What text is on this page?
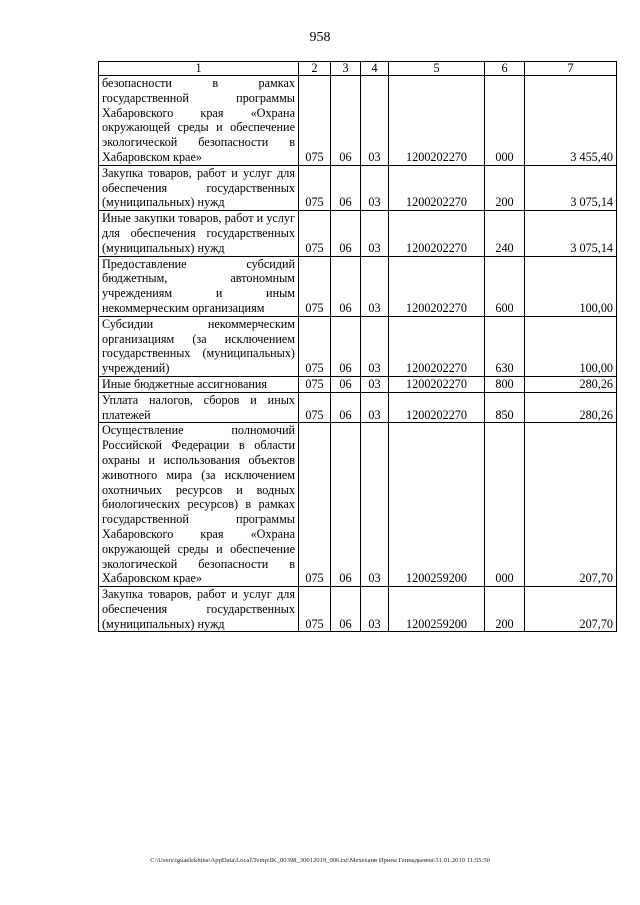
958
1	2	3	4	5	6	7
безопасности в рамках государственной программы Хабаровского края «Охрана окружающей среды и обеспечение экологической безопасности в Хабаровском крае»	075	06	03	1200202270	000	3 455,40
Закупка товаров, работ и услуг для обеспечения государственных (муниципальных) нужд	075	06	03	1200202270	200	3 075,14
Иные закупки товаров, работ и услуг для обеспечения государственных (муниципальных) нужд	075	06	03	1200202270	240	3 075,14
Предоставление субсидий бюджетным, автономным учреждениям и иным некоммерческим организациям	075	06	03	1200202270	600	100,00
Субсидии некоммерческим организациям (за исключением государственных (муниципальных) учреждений)	075	06	03	1200202270	630	100,00
Иные бюджетные ассигнования	075	06	03	1200202270	800	280,26
Уплата налогов, сборов и иных платежей	075	06	03	1200202270	850	280,26
Осуществление полномочий Российской Федерации в области охраны и использования объектов животного мира (за исключением охотничьих ресурсов и водных биологических ресурсов) в рамках государственной программы Хабаровского края «Охрана окружающей среды и обеспечение экологической безопасности в Хабаровском крае»	075	06	03	1200259200	000	207,70
Закупка товаров, работ и услуг для обеспечения государственных (муниципальных) нужд	075	06	03	1200259200	200	207,70
C:\Users\iguaelekhina\AppData\Local\Temp\IK_00398_30012019_006.txt\Мехеханв Ирина Геннадьевна\31.01.2019 11:55:50
